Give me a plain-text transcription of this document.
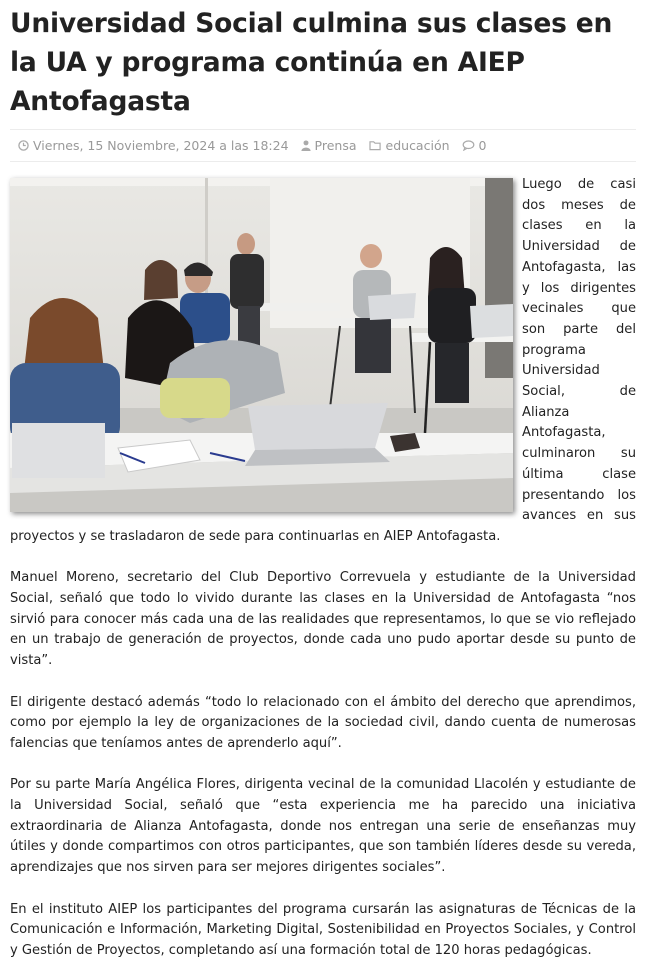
Universidad Social culmina sus clases en la UA y programa continúa en AIEP Antofagasta
Viernes, 15 Noviembre, 2024 a las 18:24 Prensa educación 0

Luego de casi dos meses de clases en la Universidad de Antofagasta, las y los dirigentes vecinales que son parte del programa Universidad Social, de Alianza Antofagasta, culminaron su última clase presentando los avances en sus proyectos y se trasladaron de sede para continuarlas en AIEP Antofagasta.

Manuel Moreno, secretario del Club Deportivo Correvuela y estudiante de la Universidad Social, señaló que todo lo vivido durante las clases en la Universidad de Antofagasta “nos sirvió para conocer más cada una de las realidades que representamos, lo que se vio reflejado en un trabajo de generación de proyectos, donde cada uno pudo aportar desde su punto de vista”.

El dirigente destacó además “todo lo relacionado con el ámbito del derecho que aprendimos, como por ejemplo la ley de organizaciones de la sociedad civil, dando cuenta de numerosas falencias que teníamos antes de aprenderlo aquí”.

Por su parte María Angélica Flores, dirigenta vecinal de la comunidad Llacolén y estudiante de la Universidad Social, señaló que “esta experiencia me ha parecido una iniciativa extraordinaria de Alianza Antofagasta, donde nos entregan una serie de enseñanzas muy útiles y donde compartimos con otros participantes, que son también líderes desde su vereda, aprendizajes que nos sirven para ser mejores dirigentes sociales”.

En el instituto AIEP los participantes del programa cursarán las asignaturas de Técnicas de la Comunicación e Información, Marketing Digital, Sostenibilidad en Proyectos Sociales, y Control y Gestión de Proyectos, completando así una formación total de 120 horas pedagógicas.
